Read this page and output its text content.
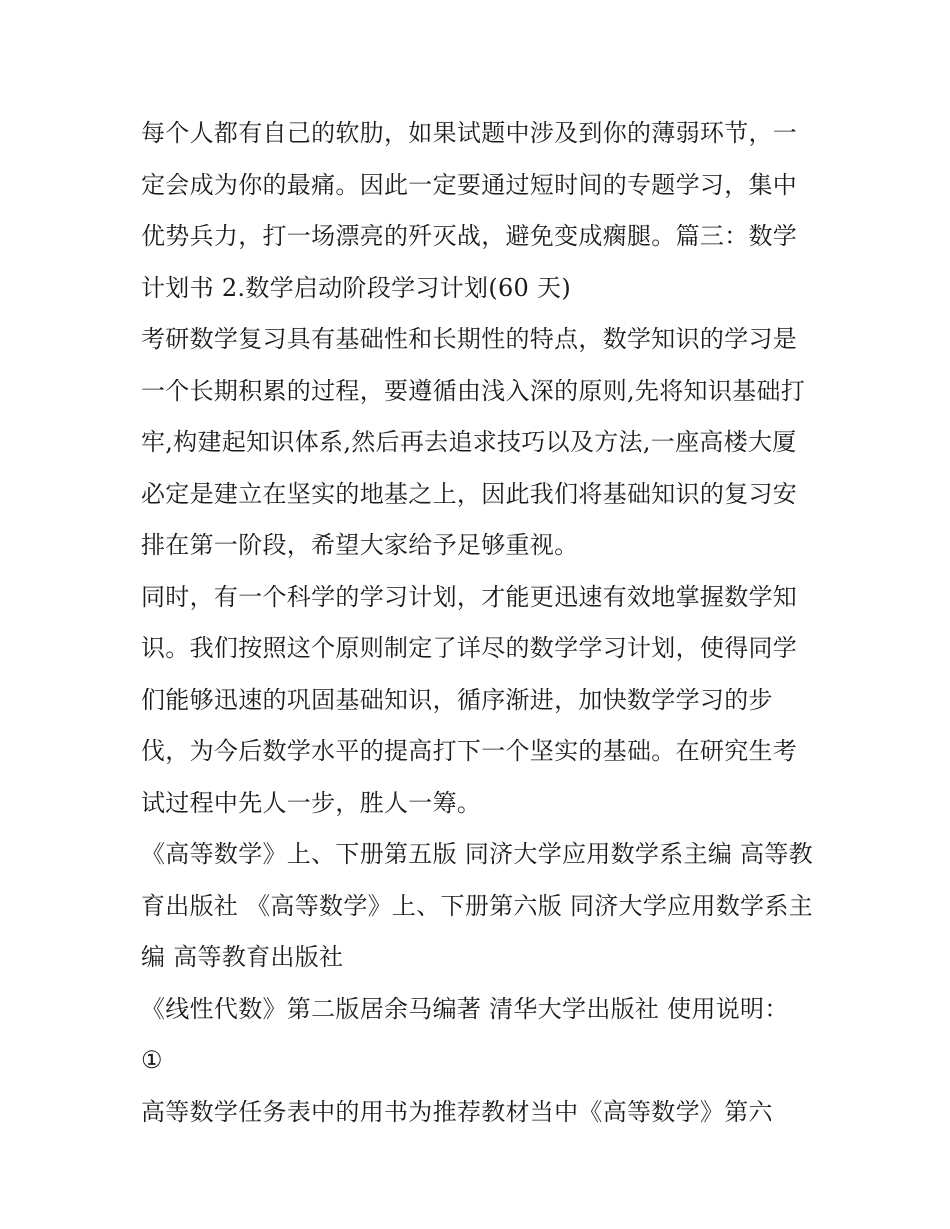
每个人都有自己的软肋，如果试题中涉及到你的薄弱环节，一定会成为你的最痛。因此一定要通过短时间的专题学习，集中优势兵力，打一场漂亮的歼灭战，避免变成瘸腿。篇三：数学计划书 2.数学启动阶段学习计划(60 天)

考研数学复习具有基础性和长期性的特点，数学知识的学习是一个长期积累的过程，要遵循由浅入深的原则,先将知识基础打牢,构建起知识体系,然后再去追求技巧以及方法,一座高楼大厦必定是建立在坚实的地基之上，因此我们将基础知识的复习安排在第一阶段，希望大家给予足够重视。

同时，有一个科学的学习计划，才能更迅速有效地掌握数学知识。我们按照这个原则制定了详尽的数学学习计划，使得同学们能够迅速的巩固基础知识，循序渐进，加快数学学习的步伐，为今后数学水平的提高打下一个坚实的基础。在研究生考试过程中先人一步，胜人一筹。

《高等数学》上、下册第五版 同济大学应用数学系主编 高等教育出版社 《高等数学》上、下册第六版 同济大学应用数学系主编 高等教育出版社

《线性代数》第二版居余马编著 清华大学出版社 使用说明：

①

高等数学任务表中的用书为推荐教材当中《高等数学》第六
